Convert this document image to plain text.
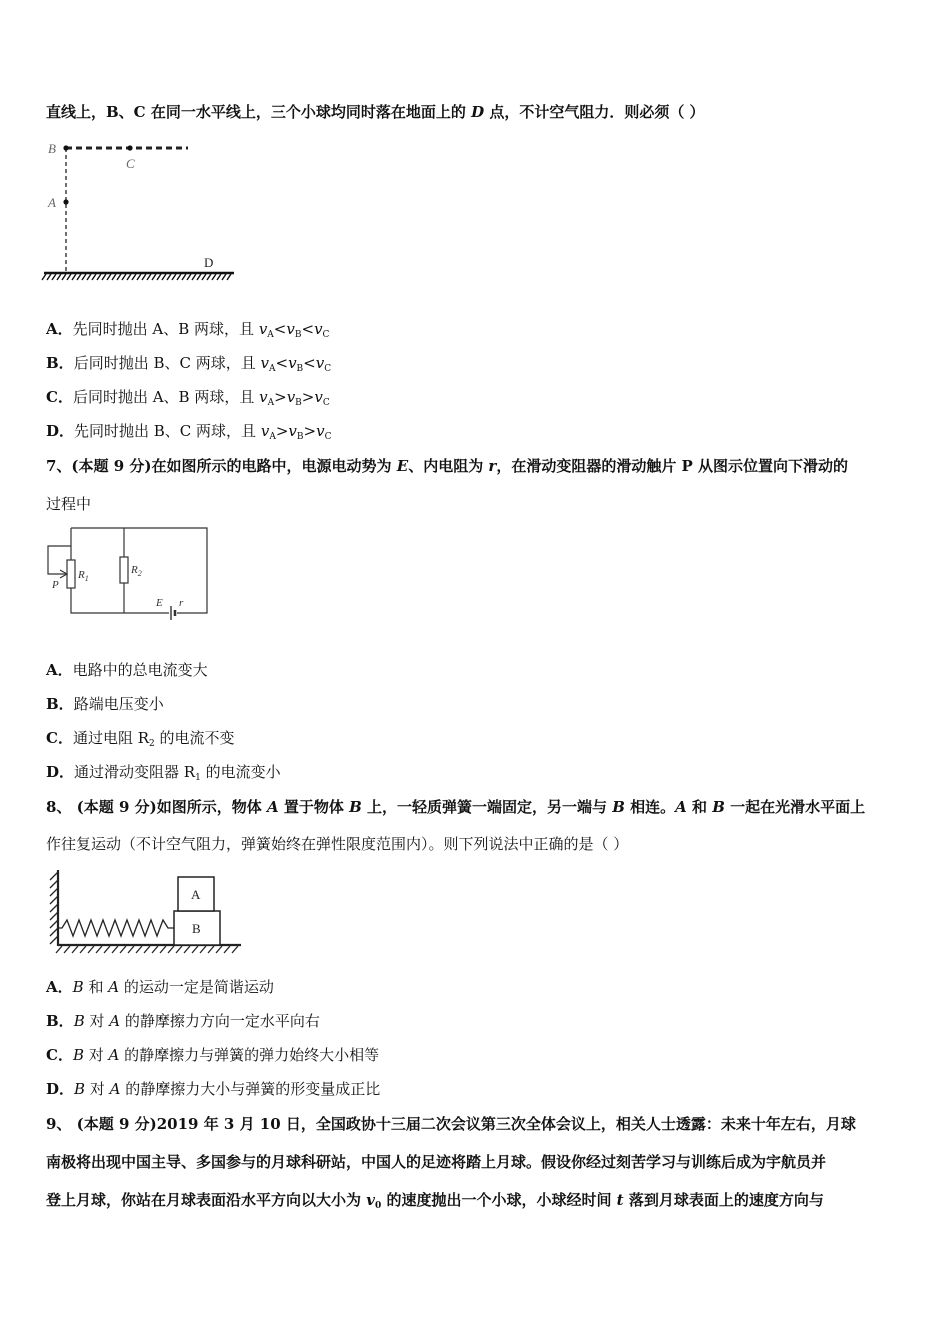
直线上，B、C 在同一水平线上，三个小球均同时落在地面上的 D 点，不计空气阻力．则必须（ ）
B
C
A
D
A．先同时抛出 A、B 两球，且 $v_A<v_B<v_C$
B．后同时抛出 B、C 两球，且 $v_A<v_B<v_C$
C．后同时抛出 A、B 两球，且 $v_A>v_B>v_C$
D．先同时抛出 B、C 两球，且 $v_A>v_B>v_C$
7、(本题 9 分)在如图所示的电路中，电源电动势为 E、内电阻为 r，在滑动变阻器的滑动触片 P 从图示位置向下滑动的
过程中
P
$R_1$
$R_2$
E r
A．电路中的总电流变大
B．路端电压变小
C．通过电阻 $R_2$ 的电流不变
D．通过滑动变阻器 $R_1$ 的电流变小
8、 (本题 9 分)如图所示，物体 A 置于物体 B 上，一轻质弹簧一端固定，另一端与 B 相连。A 和 B 一起在光滑水平面上
作往复运动（不计空气阻力，弹簧始终在弹性限度范围内）。则下列说法中正确的是（ ）
A
B
A．B 和 A 的运动一定是简谐运动
B．B 对 A 的静摩擦力方向一定水平向右
C．B 对 A 的静摩擦力与弹簧的弹力始终大小相等
D．B 对 A 的静摩擦力大小与弹簧的形变量成正比
9、 (本题 9 分)2019 年 3 月 10 日，全国政协十三届二次会议第三次全体会议上，相关人士透露：未来十年左右，月球
南极将出现中国主导、多国参与的月球科研站，中国人的足迹将踏上月球。假设你经过刻苦学习与训练后成为宇航员并
登上月球，你站在月球表面沿水平方向以大小为 $v_0$ 的速度抛出一个小球，小球经时间 t 落到月球表面上的速度方向与
